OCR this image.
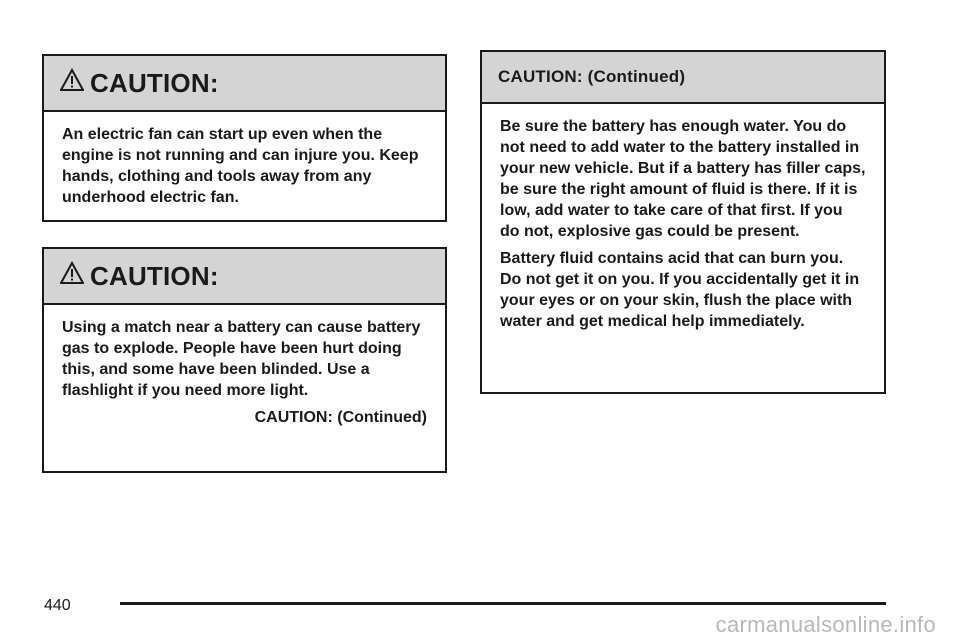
CAUTION:

An electric fan can start up even when the engine is not running and can injure you. Keep hands, clothing and tools away from any underhood electric fan.

CAUTION:

Using a match near a battery can cause battery gas to explode. People have been hurt doing this, and some have been blinded. Use a flashlight if you need more light.

CAUTION: (Continued)
CAUTION: (Continued)

Be sure the battery has enough water. You do not need to add water to the battery installed in your new vehicle. But if a battery has filler caps, be sure the right amount of fluid is there. If it is low, add water to take care of that first. If you do not, explosive gas could be present.

Battery fluid contains acid that can burn you. Do not get it on you. If you accidentally get it in your eyes or on your skin, flush the place with water and get medical help immediately.

440
carmanualsonline.info
